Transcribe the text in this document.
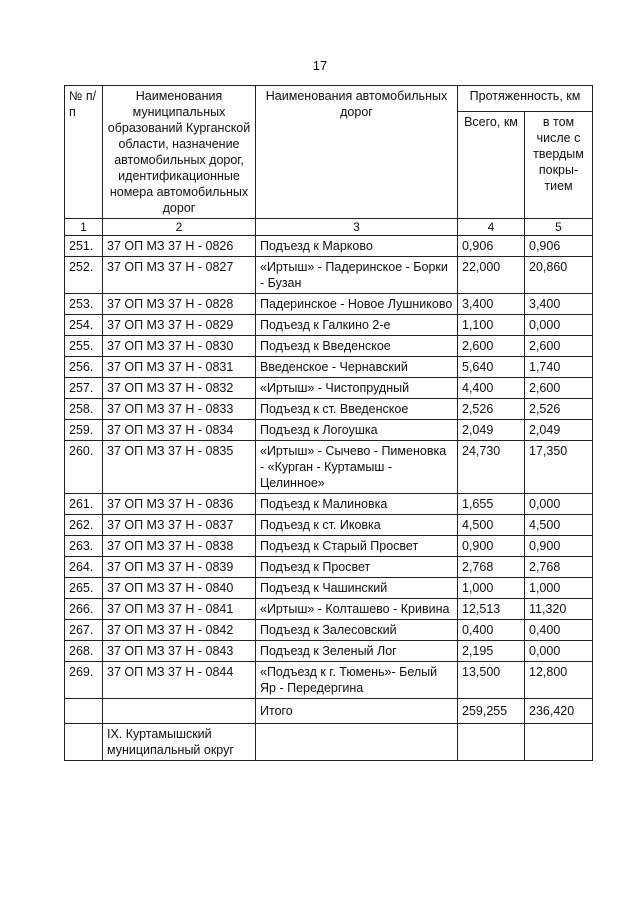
17
№ п/п	Наименования муниципальных образований Курганской области, назначение автомобильных дорог, идентификационные номера автомобильных дорог	Наименования автомобильных дорог	Протяженность, км	
			Всего, км	в том числе с твердым покры- тием
1	2	3	4	5
251.	37 ОП МЗ 37 Н - 0826	Подъезд к Марково	0,906	0,906
252.	37 ОП МЗ 37 Н - 0827	«Иртыш» - Падеринское - Борки - Бузан	22,000	20,860
253.	37 ОП МЗ 37 Н - 0828	Падеринское - Новое Лушниково	3,400	3,400
254.	37 ОП МЗ 37 Н - 0829	Подъезд к Галкино 2-е	1,100	0,000
255.	37 ОП МЗ 37 Н - 0830	Подъезд к Введенское	2,600	2,600
256.	37 ОП МЗ 37 Н - 0831	Введенское - Чернавский	5,640	1,740
257.	37 ОП МЗ 37 Н - 0832	«Иртыш» - Чистопрудный	4,400	2,600
258.	37 ОП МЗ 37 Н - 0833	Подъезд к ст. Введенское	2,526	2,526
259.	37 ОП МЗ 37 Н - 0834	Подъезд к Логоушка	2,049	2,049
260.	37 ОП МЗ 37 Н - 0835	«Иртыш» - Сычево - Пименовка - «Курган - Куртамыш - Целинное»	24,730	17,350
261.	37 ОП МЗ 37 Н - 0836	Подъезд к Малиновка	1,655	0,000
262.	37 ОП МЗ 37 Н - 0837	Подъезд к ст. Иковка	4,500	4,500
263.	37 ОП МЗ 37 Н - 0838	Подъезд к Старый Просвет	0,900	0,900
264.	37 ОП МЗ 37 Н - 0839	Подъезд к Просвет	2,768	2,768
265.	37 ОП МЗ 37 Н - 0840	Подъезд к Чашинский	1,000	1,000
266.	37 ОП МЗ 37 Н - 0841	«Иртыш» - Колташево - Кривина	12,513	11,320
267.	37 ОП МЗ 37 Н - 0842	Подъезд к Залесовский	0,400	0,400
268.	37 ОП МЗ 37 Н - 0843	Подъезд к Зеленый Лог	2,195	0,000
269.	37 ОП МЗ 37 Н - 0844	«Подъезд к г. Тюмень»- Белый Яр - Передергина	13,500	12,800
		Итого	259,255	236,420
	IX. Куртамышский муниципальный округ			
